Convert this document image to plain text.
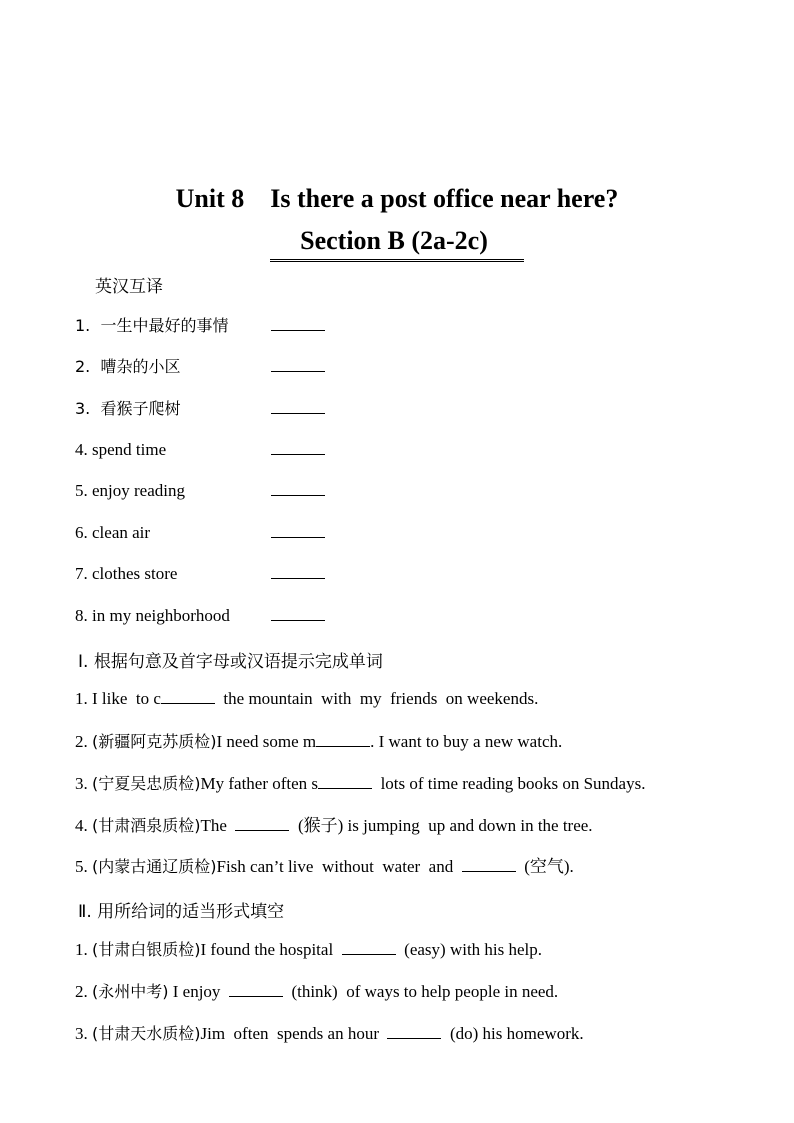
Unit 8    Is there a post office near here?
Section B (2a-2c)
英汉互译
1.  一生中最好的事情
2.  嘈杂的小区
3.  看猴子爬树
4. spend time
5. enjoy reading
6. clean air
7. clothes store
8. in my neighborhood
Ⅰ. 根据句意及首字母或汉语提示完成单词
1. I like  to c	the mountain  with  my  friends  on weekends.
2. (新疆阿克苏质检)I need some m	. I want to buy a new watch.
3. (宁夏吴忠质检)My father often s	lots of time reading books on Sundays.
4. (甘肃酒泉质检)The	(猴子) is jumping  up and down in the tree.
5. (内蒙古通辽质检)Fish can’t live  without  water  and	(空气).
Ⅱ. 用所给词的适当形式填空
1. (甘肃白银质检)I found the hospital	(easy) with his help.
2. (永州中考) I enjoy	(think)  of ways to help people in need.
3. (甘肃天水质检)Jim  often  spends an hour	(do) his homework.
